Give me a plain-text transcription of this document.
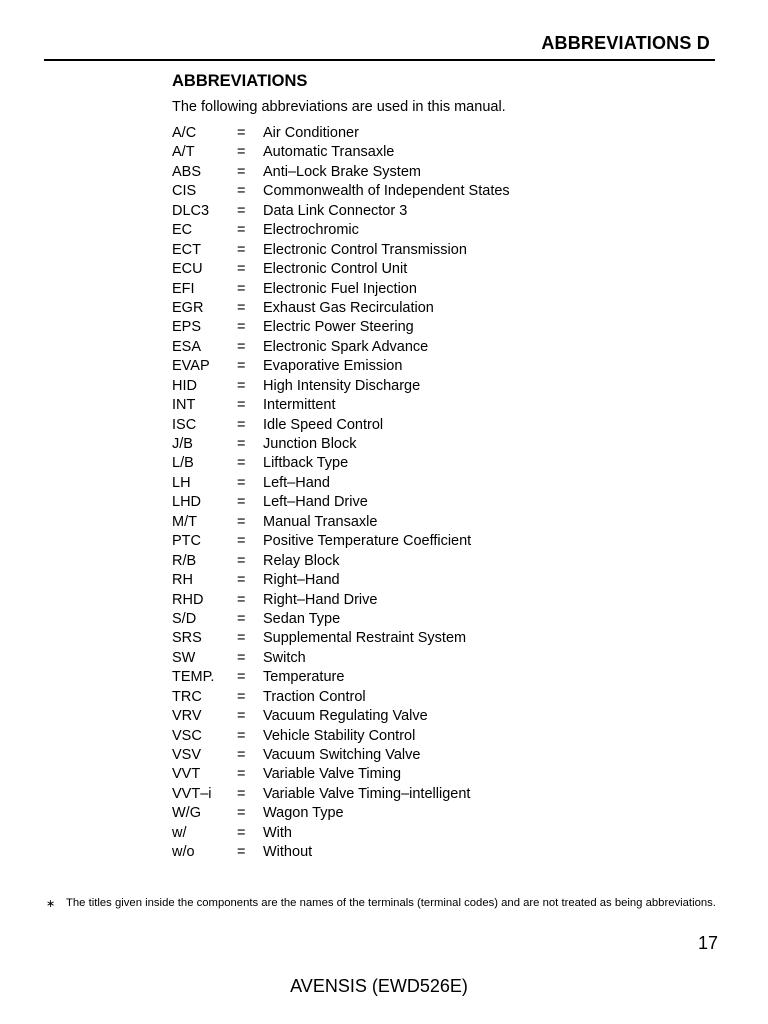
ABBREVIATIONS D
ABBREVIATIONS
The following abbreviations are used in this manual.
A/C	=	Air Conditioner
A/T	=	Automatic Transaxle
ABS	=	Anti–Lock Brake System
CIS	=	Commonwealth of Independent States
DLC3	=	Data Link Connector 3
EC	=	Electrochromic
ECT	=	Electronic Control Transmission
ECU	=	Electronic Control Unit
EFI	=	Electronic Fuel Injection
EGR	=	Exhaust Gas Recirculation
EPS	=	Electric Power Steering
ESA	=	Electronic Spark Advance
EVAP	=	Evaporative Emission
HID	=	High Intensity Discharge
INT	=	Intermittent
ISC	=	Idle Speed Control
J/B	=	Junction Block
L/B	=	Liftback Type
LH	=	Left–Hand
LHD	=	Left–Hand Drive
M/T	=	Manual Transaxle
PTC	=	Positive Temperature Coefficient
R/B	=	Relay Block
RH	=	Right–Hand
RHD	=	Right–Hand Drive
S/D	=	Sedan Type
SRS	=	Supplemental Restraint System
SW	=	Switch
TEMP.	=	Temperature
TRC	=	Traction Control
VRV	=	Vacuum Regulating Valve
VSC	=	Vehicle Stability Control
VSV	=	Vacuum Switching Valve
VVT	=	Variable Valve Timing
VVT–i	=	Variable Valve Timing–intelligent
W/G	=	Wagon Type
w/	=	With
w/o	=	Without
∗ The titles given inside the components are the names of the terminals (terminal codes) and are not treated as being abbreviations.
17
AVENSIS (EWD526E)
